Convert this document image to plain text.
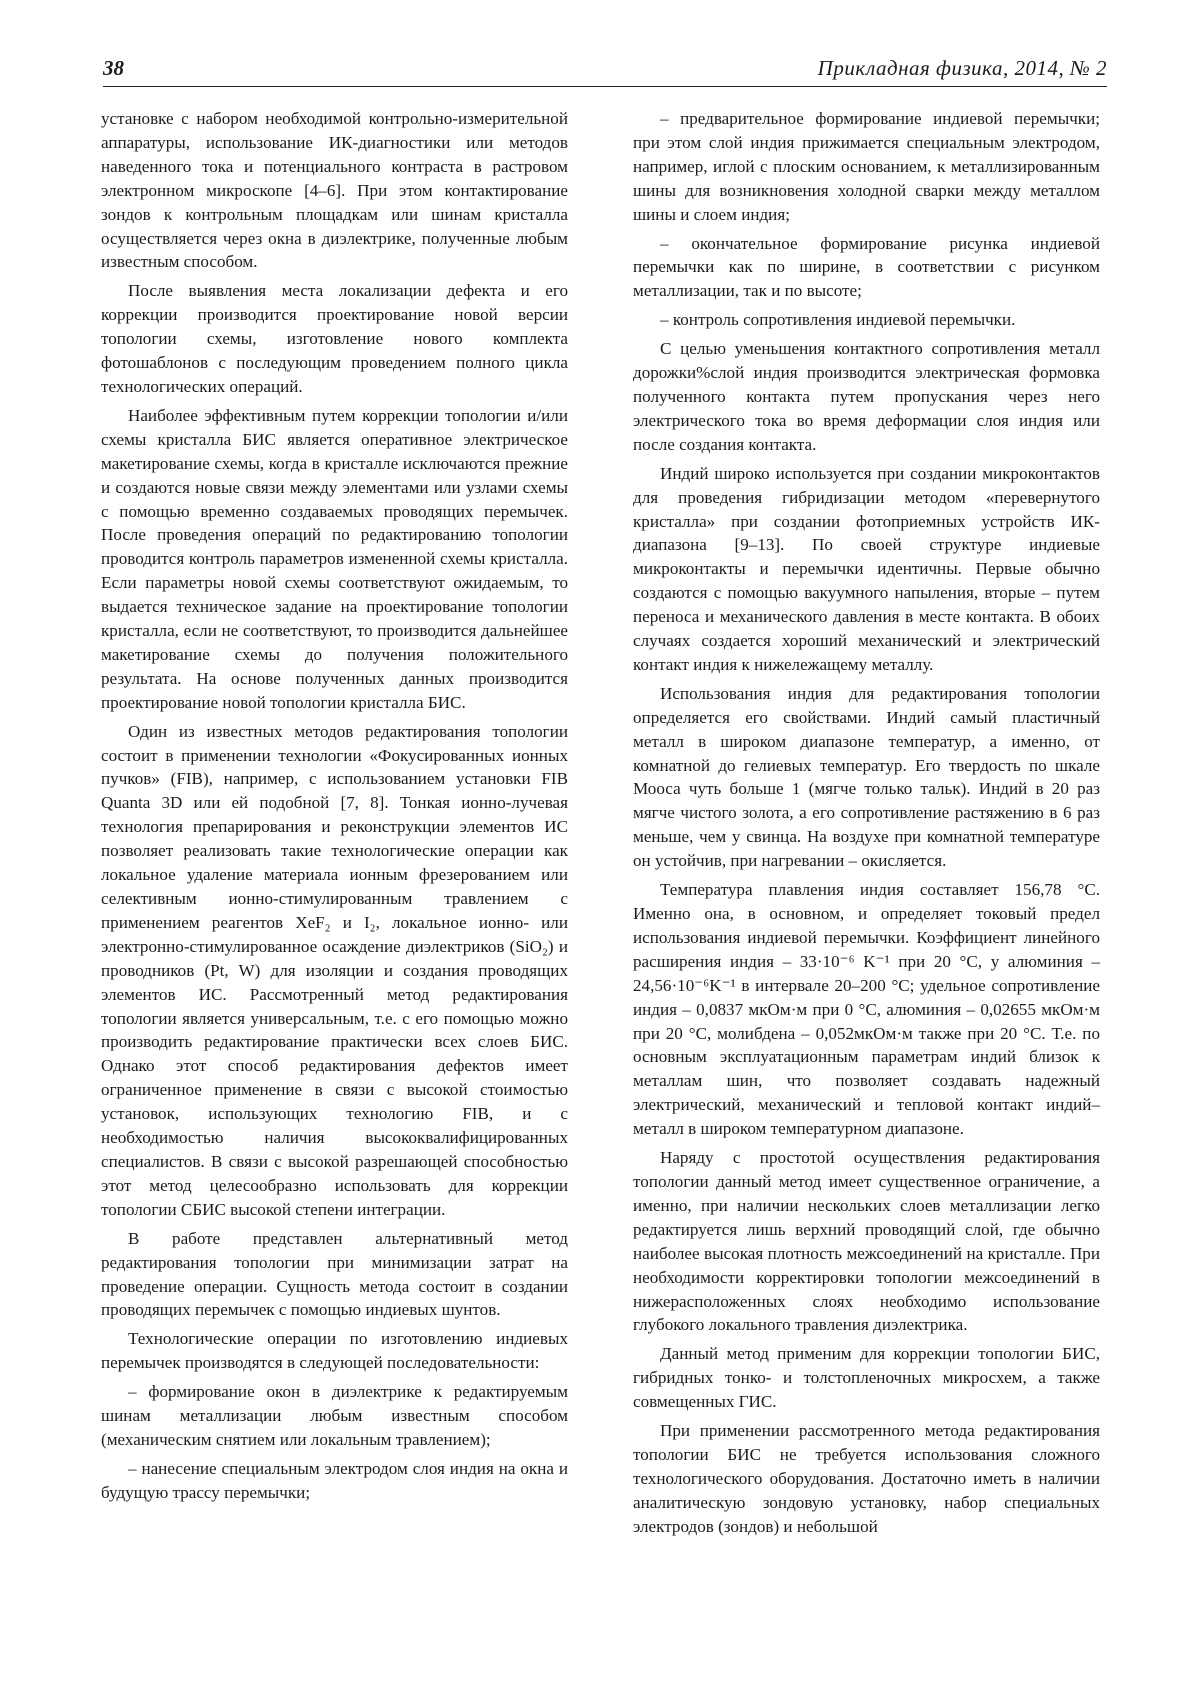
38	Прикладная физика, 2014, № 2

установке с набором необходимой контрольно-измерительной аппаратуры, использование ИК-диагностики или методов наведенного тока и потенциального контраста в растровом электронном микроскопе [4–6]. При этом контактирование зондов к контрольным площадкам или шинам кристалла осуществляется через окна в диэлектрике, полученные любым известным способом.

После выявления места локализации дефекта и его коррекции производится проектирование новой версии топологии схемы, изготовление нового комплекта фотошаблонов с последующим проведением полного цикла технологических операций.

Наиболее эффективным путем коррекции топологии и/или схемы кристалла БИС является оперативное электрическое макетирование схемы, когда в кристалле исключаются прежние и создаются новые связи между элементами или узлами схемы с помощью временно создаваемых проводящих перемычек. После проведения операций по редактированию топологии проводится контроль параметров измененной схемы кристалла. Если параметры новой схемы соответствуют ожидаемым, то выдается техническое задание на проектирование топологии кристалла, если не соответствуют, то производится дальнейшее макетирование схемы до получения положительного результата. На основе полученных данных производится проектирование новой топологии кристалла БИС.

Один из известных методов редактирования топологии состоит в применении технологии «Фокусированных ионных пучков» (FIB), например, с использованием установки FIB Quanta 3D или ей подобной [7, 8]. Тонкая ионно-лучевая технология препарирования и реконструкции элементов ИС позволяет реализовать такие технологические операции как локальное удаление материала ионным фрезерованием или селективным ионно-стимулированным травлением с применением реагентов XeF₂ и I₂, локальное ионно- или электронно-стимулированное осаждение диэлектриков (SiO₂) и проводников (Pt, W) для изоляции и создания проводящих элементов ИС. Рассмотренный метод редактирования топологии является универсальным, т.е. с его помощью можно производить редактирование практически всех слоев БИС. Однако этот способ редактирования дефектов имеет ограниченное применение в связи с высокой стоимостью установок, использующих технологию FIB, и с необходимостью наличия высококвалифицированных специалистов. В связи с высокой разрешающей способностью этот метод целесообразно использовать для коррекции топологии СБИС высокой степени интеграции.

В работе представлен альтернативный метод редактирования топологии при минимизации затрат на проведение операции. Сущность метода состоит в создании проводящих перемычек с помощью индиевых шунтов.

Технологические операции по изготовлению индиевых перемычек производятся в следующей последовательности:

– формирование окон в диэлектрике к редактируемым шинам металлизации любым известным способом (механическим снятием или локальным травлением);

– нанесение специальным электродом слоя индия на окна и будущую трассу перемычки;

– предварительное формирование индиевой перемычки; при этом слой индия прижимается специальным электродом, например, иглой с плоским основанием, к металлизированным шины для возникновения холодной сварки между металлом шины и слоем индия;

– окончательное формирование рисунка индиевой перемычки как по ширине, в соответствии с рисунком металлизации, так и по высоте;

– контроль сопротивления индиевой перемычки.

С целью уменьшения контактного сопротивления металл дорожки%слой индия производится электрическая формовка полученного контакта путем пропускания через него электрического тока во время деформации слоя индия или после создания контакта.

Индий широко используется при создании микроконтактов для проведения гибридизации методом «перевернутого кристалла» при создании фотоприемных устройств ИК-диапазона [9–13]. По своей структуре индиевые микроконтакты и перемычки идентичны. Первые обычно создаются с помощью вакуумного напыления, вторые – путем переноса и механического давления в месте контакта. В обоих случаях создается хороший механический и электрический контакт индия к нижележащему металлу.

Использования индия для редактирования топологии определяется его свойствами. Индий самый пластичный металл в широком диапазоне температур, а именно, от комнатной до гелиевых температур. Его твердость по шкале Мооса чуть больше 1 (мягче только тальк). Индий в 20 раз мягче чистого золота, а его сопротивление растяжению в 6 раз меньше, чем у свинца. На воздухе при комнатной температуре он устойчив, при нагревании – окисляется.

Температура плавления индия составляет 156,78 °C. Именно она, в основном, и определяет токовый предел использования индиевой перемычки. Коэффициент линейного расширения индия – 33·10⁻⁶ K⁻¹ при 20 °C, у алюминия – 24,56·10⁻⁶K⁻¹ в интервале 20–200 °C; удельное сопротивление индия – 0,0837 мкОм·м при 0 °C, алюминия – 0,02655 мкОм·м при 20 °C, молибдена – 0,052мкОм·м также при 20 °C. Т.е. по основным эксплуатационным параметрам индий близок к металлам шин, что позволяет создавать надежный электрический, механический и тепловой контакт индий–металл в широком температурном диапазоне.

Наряду с простотой осуществления редактирования топологии данный метод имеет существенное ограничение, а именно, при наличии нескольких слоев металлизации легко редактируется лишь верхний проводящий слой, где обычно наиболее высокая плотность межсоединений на кристалле. При необходимости корректировки топологии межсоединений в нижерасположенных слоях необходимо использование глубокого локального травления диэлектрика.

Данный метод применим для коррекции топологии БИС, гибридных тонко- и толстопленочных микросхем, а также совмещенных ГИС.

При применении рассмотренного метода редактирования топологии БИС не требуется использования сложного технологического оборудования. Достаточно иметь в наличии аналитическую зондовую установку, набор специальных электродов (зондов) и небольшой
